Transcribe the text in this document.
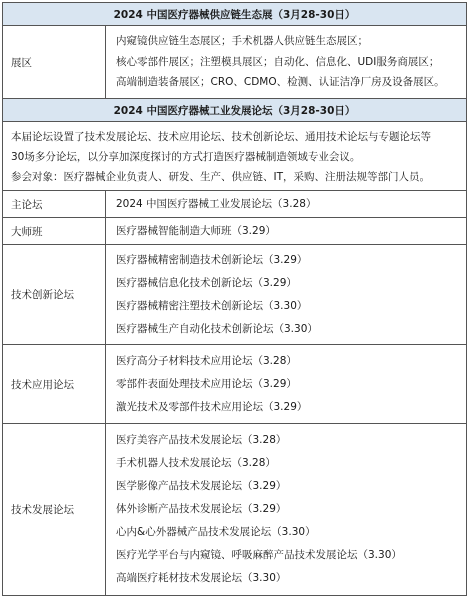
2024 中国医疗器械供应链生态展（3月28-30日）
展区
内窥镜供应链生态展区；手术机器人供应链生态展区；
核心零部件展区；注塑模具展区；自动化、信息化、UDI服务商展区；
高端制造装备展区；CRO、CDMO、检测、认证洁净厂房及设备展区。
2024 中国医疗器械工业发展论坛（3月28-30日）
本届论坛设置了技术发展论坛、技术应用论坛、技术创新论坛、通用技术论坛与专题论坛等
30场多分论坛，以分享加深度探讨的方式打造医疗器械制造领域专业会议。
参会对象：医疗器械企业负责人、研发、生产、供应链、IT，采购、注册法规等部门人员。
主论坛	2024 中国医疗器械工业发展论坛（3.28）
大师班	医疗器械智能制造大师班（3.29）
技术创新论坛
医疗器械精密制造技术创新论坛（3.29）
医疗器械信息化技术创新论坛（3.29）
医疗器械精密注塑技术创新论坛（3.30）
医疗器械生产自动化技术创新论坛（3.30）
技术应用论坛
医疗高分子材料技术应用论坛（3.28）
零部件表面处理技术应用论坛（3.29）
激光技术及零部件技术应用论坛（3.29）
技术发展论坛
医疗美容产品技术发展论坛（3.28）
手术机器人技术发展论坛（3.28）
医学影像产品技术发展论坛（3.29）
体外诊断产品技术发展论坛（3.29）
心内&心外器械产品技术发展论坛（3.30）
医疗光学平台与内窥镜、呼吸麻醉产品技术发展论坛（3.30）
高端医疗耗材技术发展论坛（3.30）
